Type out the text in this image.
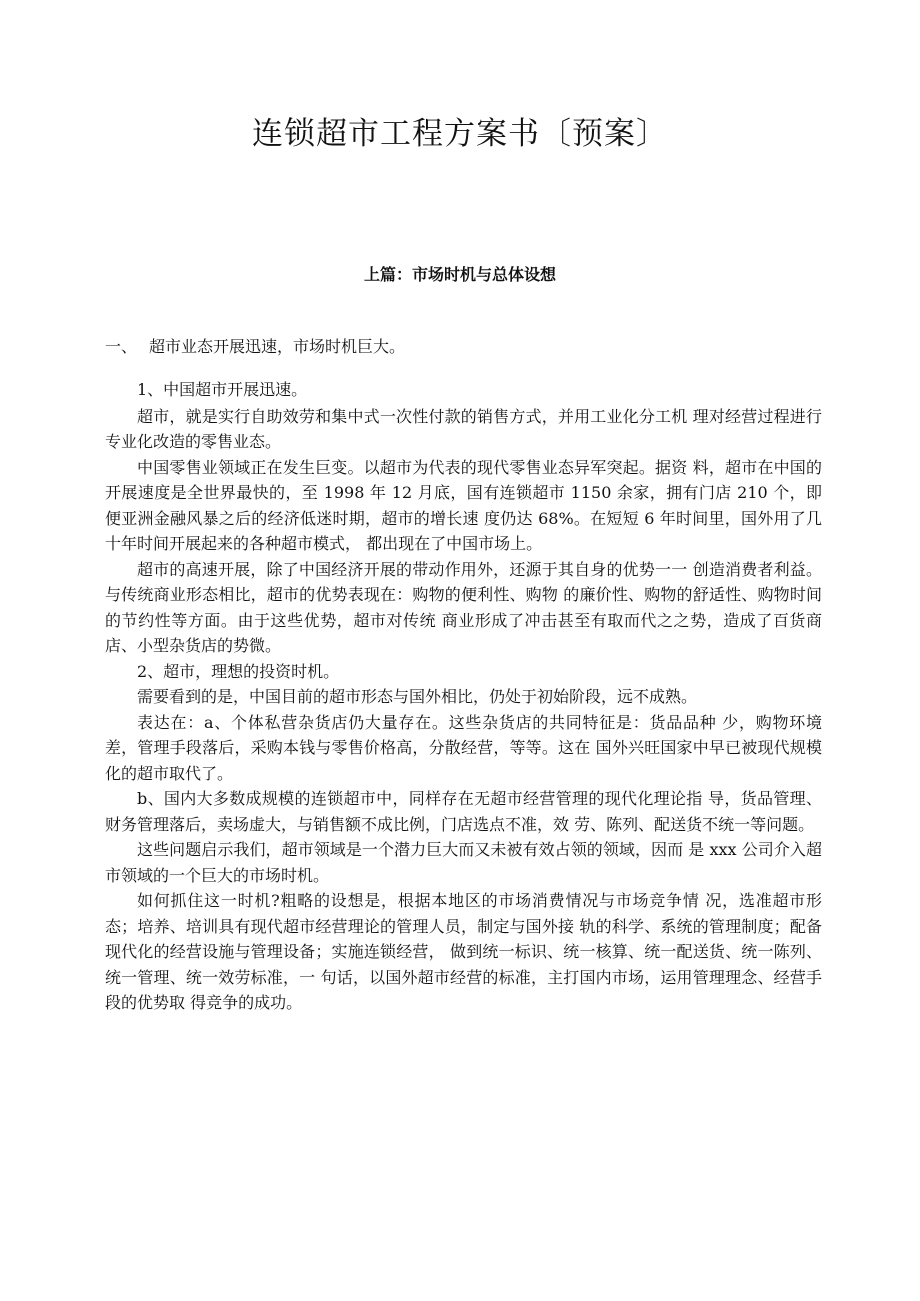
连锁超市工程方案书〔预案〕
上篇：市场时机与总体设想
一、 超市业态开展迅速，市场时机巨大。

1、中国超市开展迅速。

超市，就是实行自助效劳和集中式一次性付款的销售方式，并用工业化分工机 理对经营过程进行专业化改造的零售业态。

中国零售业领域正在发生巨变。以超市为代表的现代零售业态异军突起。据资 料，超市在中国的开展速度是全世界最快的，至 1998 年 12 月底，国有连锁超市 1150 余家，拥有门店 210 个，即便亚洲金融风暴之后的经济低迷时期，超市的增长速 度仍达 68%。在短短 6 年时间里，国外用了几十年时间开展起来的各种超市模式， 都出现在了中国市场上。

超市的高速开展，除了中国经济开展的带动作用外，还源于其自身的优势一一 创造消费者利益。与传统商业形态相比，超市的优势表现在：购物的便利性、购物 的廉价性、购物的舒适性、购物时间的节约性等方面。由于这些优势，超市对传统 商业形成了冲击甚至有取而代之之势，造成了百货商店、小型杂货店的势微。

2、超市，理想的投资时机。

需要看到的是，中国目前的超市形态与国外相比，仍处于初始阶段，远不成熟。

表达在：a、个体私营杂货店仍大量存在。这些杂货店的共同特征是：货品品种 少，购物环境差，管理手段落后，采购本钱与零售价格高，分散经营，等等。这在 国外兴旺国家中早已被现代规模化的超市取代了。

b、国内大多数成规模的连锁超市中，同样存在无超市经营管理的现代化理论指 导，货品管理、财务管理落后，卖场虚大，与销售额不成比例，门店选点不准，效 劳、陈列、配送货不统一等问题。

这些问题启示我们，超市领域是一个潜力巨大而又未被有效占领的领域，因而 是 xxx 公司介入超市领域的一个巨大的市场时机。

如何抓住这一时机?粗略的设想是，根据本地区的市场消费情况与市场竞争情 况，选准超市形态；培养、培训具有现代超市经营理论的管理人员，制定与国外接 轨的科学、系统的管理制度；配备现代化的经营设施与管理设备；实施连锁经营， 做到统一标识、统一核算、统一配送货、统一陈列、统一管理、统一效劳标准，一 句话，以国外超市经营的标准，主打国内市场，运用管理理念、经营手段的优势取 得竞争的成功。
